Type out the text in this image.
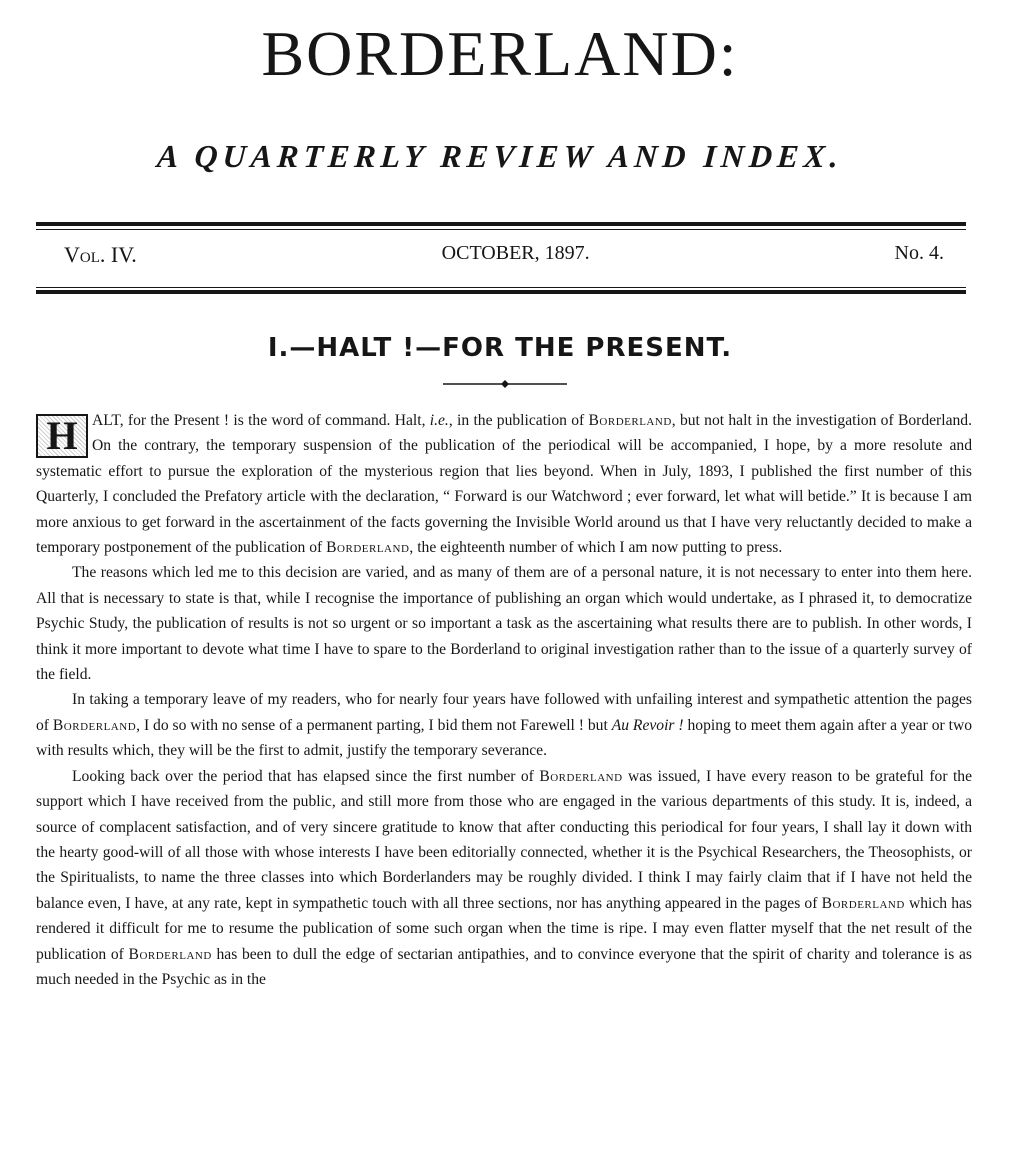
BORDERLAND:
A QUARTERLY REVIEW AND INDEX.
Vol. IV.	OCTOBER, 1897.	No. 4.
I.—HALT !—FOR THE PRESENT.

H ALT, for the Present ! is the word of command. Halt, i.e., in the publication of Borderland, but not halt in the investigation of Borderland. On the contrary, the temporary suspension of the publication of the periodical will be accompanied, I hope, by a more resolute and systematic effort to pursue the exploration of the mysterious region that lies beyond. When in July, 1893, I published the first number of this Quarterly, I concluded the Prefatory article with the declaration, “ Forward is our Watchword ; ever forward, let what will betide.” It is because I am more anxious to get forward in the ascertainment of the facts governing the Invisible World around us that I have very reluctantly decided to make a temporary postponement of the publication of Borderland, the eighteenth number of which I am now putting to press.

The reasons which led me to this decision are varied, and as many of them are of a personal nature, it is not necessary to enter into them here. All that is necessary to state is that, while I recognise the importance of publishing an organ which would undertake, as I phrased it, to democratize Psychic Study, the publication of results is not so urgent or so important a task as the ascertaining what results there are to publish. In other words, I think it more important to devote what time I have to spare to the Borderland to original investigation rather than to the issue of a quarterly survey of the field.

In taking a temporary leave of my readers, who for nearly four years have followed with unfailing interest and sympathetic attention the pages of Borderland, I do so with no sense of a permanent parting, I bid them not Farewell ! but Au Revoir ! hoping to meet them again after a year or two with results which, they will be the first to admit, justify the temporary severance.

Looking back over the period that has elapsed since the first number of Borderland was issued, I have every reason to be grateful for the support which I have received from the public, and still more from those who are engaged in the various departments of this study. It is, indeed, a source of complacent satisfaction, and of very sincere gratitude to know that after conducting this periodical for four years, I shall lay it down with the hearty good-will of all those with whose interests I have been editorially connected, whether it is the Psychical Researchers, the Theosophists, or the Spiritualists, to name the three classes into which Borderlanders may be roughly divided. I think I may fairly claim that if I have not held the balance even, I have, at any rate, kept in sympathetic touch with all three sections, nor has anything appeared in the pages of Borderland which has rendered it difficult for me to resume the publication of some such organ when the time is ripe. I may even flatter myself that the net result of the publication of Borderland has been to dull the edge of sectarian antipathies, and to convince everyone that the spirit of charity and tolerance is as much needed in the Psychic as in the
